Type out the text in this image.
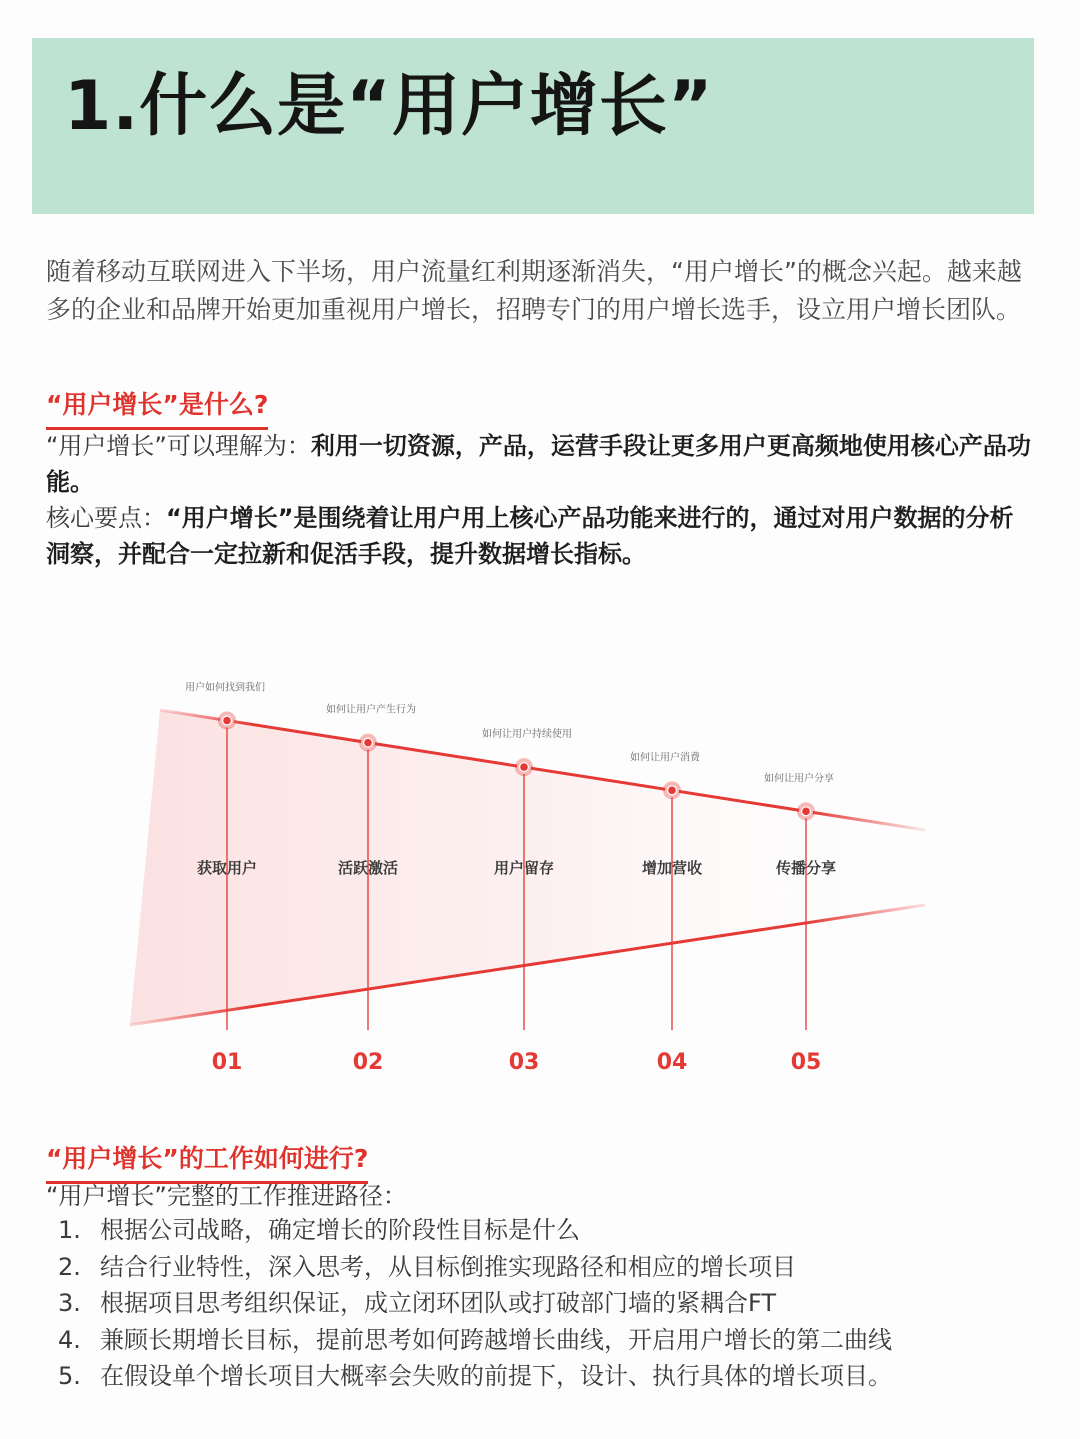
1.什么是“用户增长”
随着移动互联网进入下半场，用户流量红利期逐渐消失，“用户增长”的概念兴起。越来越多的企业和品牌开始更加重视用户增长，招聘专门的用户增长选手，设立用户增长团队。
“用户增长”是什么?
“用户增长”可以理解为：利用一切资源，产品，运营手段让更多用户更高频地使用核心产品功能。
核心要点：“用户增长”是围绕着让用户用上核心产品功能来进行的，通过对用户数据的分析洞察，并配合一定拉新和促活手段，提升数据增长指标。
用户如何找到我们
获取用户
01
如何让用户产生行为
活跃激活
02
如何让用户持续使用
用户留存
03
如何让用户消费
增加营收
04
如何让用户分享
传播分享
05
“用户增长”的工作如何进行?
“用户增长”完整的工作推进路径：
1. 根据公司战略，确定增长的阶段性目标是什么
2. 结合行业特性，深入思考，从目标倒推实现路径和相应的增长项目
3. 根据项目思考组织保证，成立闭环团队或打破部门墙的紧耦合FT
4. 兼顾长期增长目标，提前思考如何跨越增长曲线，开启用户增长的第二曲线
5. 在假设单个增长项目大概率会失败的前提下，设计、执行具体的增长项目。
